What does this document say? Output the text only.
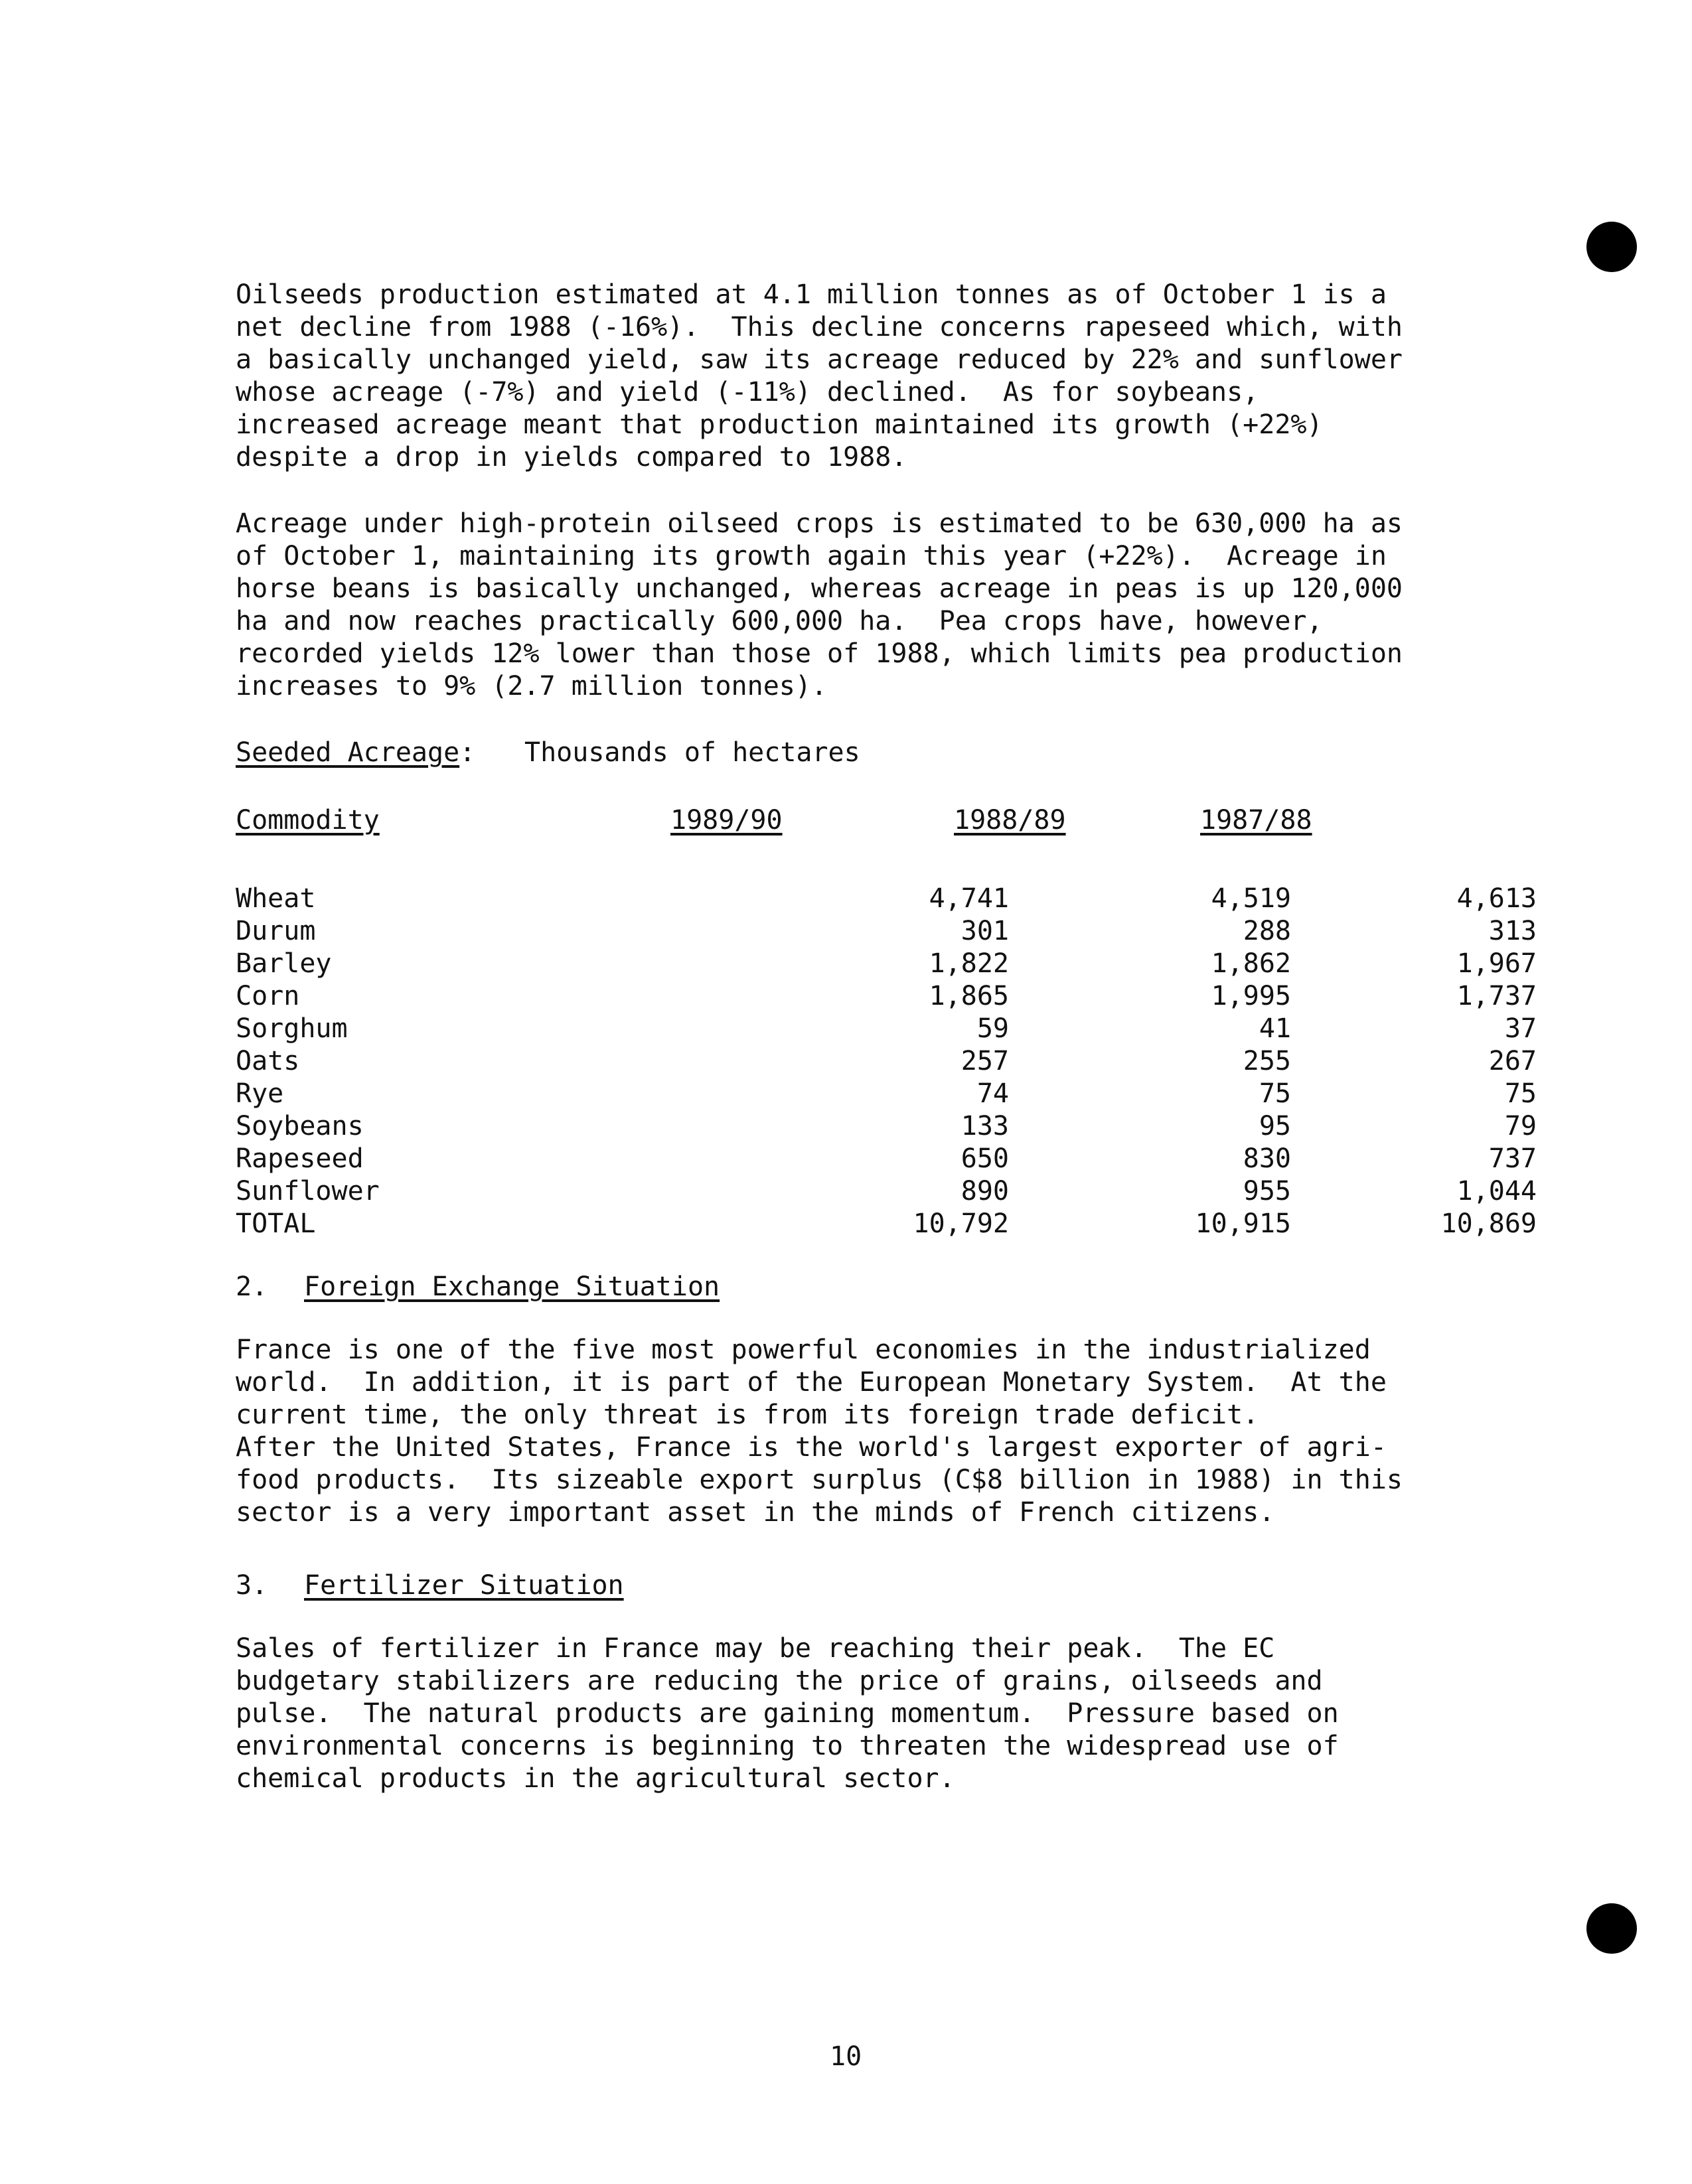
Oilseeds production estimated at 4.1 million tonnes as of October 1 is a
net decline from 1988 (-16%).  This decline concerns rapeseed which, with
a basically unchanged yield, saw its acreage reduced by 22% and sunflower
whose acreage (-7%) and yield (-11%) declined.  As for soybeans,
increased acreage meant that production maintained its growth (+22%)
despite a drop in yields compared to 1988.

Acreage under high-protein oilseed crops is estimated to be 630,000 ha as
of October 1, maintaining its growth again this year (+22%).  Acreage in
horse beans is basically unchanged, whereas acreage in peas is up 120,000
ha and now reaches practically 600,000 ha.  Pea crops have, however,
recorded yields 12% lower than those of 1988, which limits pea production
increases to 9% (2.7 million tonnes).

Seeded Acreage: Thousands of hectares
Commodity	1989/90	1988/89	1987/88
Wheat	4,741	4,519	4,613
Durum	301	288	313
Barley	1,822	1,862	1,967
Corn	1,865	1,995	1,737
Sorghum	59	41	37
Oats	257	255	267
Rye	74	75	75
Soybeans	133	95	79
Rapeseed	650	830	737
Sunflower	890	955	1,044
TOTAL	10,792	10,915	10,869
2. Foreign Exchange Situation

France is one of the five most powerful economies in the industrialized
world.  In addition, it is part of the European Monetary System.  At the
current time, the only threat is from its foreign trade deficit.
After the United States, France is the world's largest exporter of agri-
food products.  Its sizeable export surplus (C$8 billion in 1988) in this
sector is a very important asset in the minds of French citizens.

3. Fertilizer Situation

Sales of fertilizer in France may be reaching their peak.  The EC
budgetary stabilizers are reducing the price of grains, oilseeds and
pulse.  The natural products are gaining momentum.  Pressure based on
environmental concerns is beginning to threaten the widespread use of
chemical products in the agricultural sector.

10
